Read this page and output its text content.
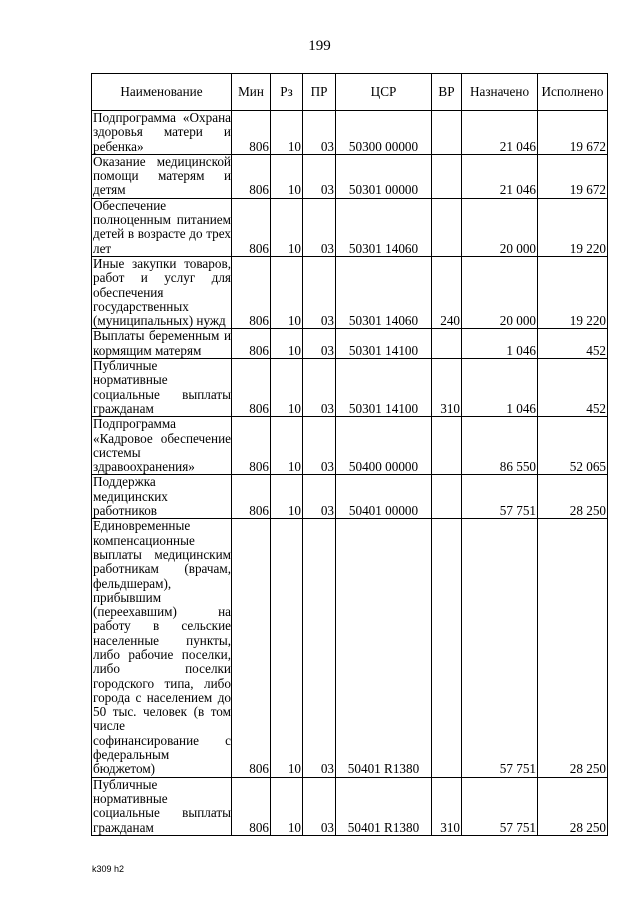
199
Наименование	Мин	Рз	ПР	ЦСР	ВР	Назначено	Исполнено
Подпрограмма «Охрана здоровья матери и ребенка»	806	10	03	50300 00000		21 046	19 672
Оказание медицинской помощи матерям и детям	806	10	03	50301 00000		21 046	19 672
Обеспечение полноценным питанием детей в возрасте до трех лет	806	10	03	50301 14060		20 000	19 220
Иные закупки товаров, работ и услуг для обеспечения государственных (муниципальных) нужд	806	10	03	50301 14060	240	20 000	19 220
Выплаты беременным и кормящим матерям	806	10	03	50301 14100		1 046	452
Публичные нормативные социальные выплаты гражданам	806	10	03	50301 14100	310	1 046	452
Подпрограмма «Кадровое обеспечение системы здравоохранения»	806	10	03	50400 00000		86 550	52 065
Поддержка медицинских работников	806	10	03	50401 00000		57 751	28 250
Единовременные компенсационные выплаты медицинским работникам (врачам, фельдшерам), прибывшим (переехавшим) на работу в сельские населенные пункты, либо рабочие поселки, либо поселки городского типа, либо города с населением до 50 тыс. человек (в том числе софинансирование с федеральным бюджетом)	806	10	03	50401 R1380		57 751	28 250
Публичные нормативные социальные выплаты гражданам	806	10	03	50401 R1380	310	57 751	28 250
k309 h2
